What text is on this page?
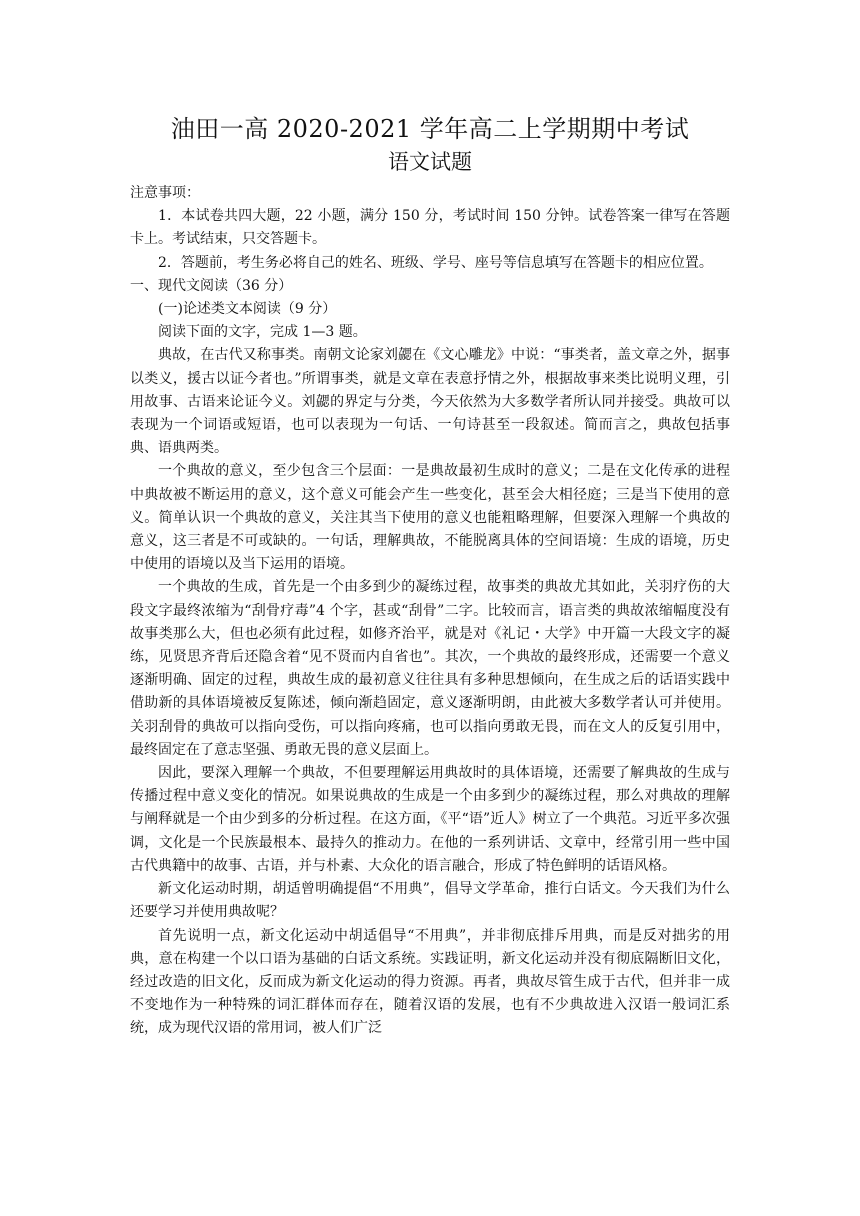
油田一高 2020-2021 学年高二上学期期中考试
语文试题

注意事项：

1．本试卷共四大题，22 小题，满分 150 分，考试时间 150 分钟。试卷答案一律写在答题卡上。考试结束，只交答题卡。

2．答题前，考生务必将自己的姓名、班级、学号、座号等信息填写在答题卡的相应位置。

一、现代文阅读（36 分）

(一)论述类文本阅读（9 分）

阅读下面的文字，完成 1—3 题。

典故，在古代又称事类。南朝文论家刘勰在《文心雕龙》中说：“事类者，盖文章之外，据事以类义，援古以证今者也。”所谓事类，就是文章在表意抒情之外，根据故事来类比说明义理，引用故事、古语来论证今义。刘勰的界定与分类，今天依然为大多数学者所认同并接受。典故可以表现为一个词语或短语，也可以表现为一句话、一句诗甚至一段叙述。简而言之，典故包括事典、语典两类。

一个典故的意义，至少包含三个层面：一是典故最初生成时的意义；二是在文化传承的进程中典故被不断运用的意义，这个意义可能会产生一些变化，甚至会大相径庭；三是当下使用的意义。简单认识一个典故的意义，关注其当下使用的意义也能粗略理解，但要深入理解一个典故的意义，这三者是不可或缺的。一句话，理解典故，不能脱离具体的空间语境：生成的语境，历史中使用的语境以及当下运用的语境。

一个典故的生成，首先是一个由多到少的凝练过程，故事类的典故尤其如此，关羽疗伤的大段文字最终浓缩为“刮骨疗毒”4 个字，甚或“刮骨”二字。比较而言，语言类的典故浓缩幅度没有故事类那么大，但也必须有此过程，如修齐治平，就是对《礼记・大学》中开篇一大段文字的凝练，见贤思齐背后还隐含着“见不贤而内自省也”。其次，一个典故的最终形成，还需要一个意义逐渐明确、固定的过程，典故生成的最初意义往往具有多种思想倾向，在生成之后的话语实践中借助新的具体语境被反复陈述，倾向渐趋固定，意义逐渐明朗，由此被大多数学者认可并使用。关羽刮骨的典故可以指向受伤，可以指向疼痛，也可以指向勇敢无畏，而在文人的反复引用中，最终固定在了意志坚强、勇敢无畏的意义层面上。

因此，要深入理解一个典故，不但要理解运用典故时的具体语境，还需要了解典故的生成与传播过程中意义变化的情况。如果说典故的生成是一个由多到少的凝练过程，那么对典故的理解与阐释就是一个由少到多的分析过程。在这方面，《平“语”近人》树立了一个典范。习近平多次强调，文化是一个民族最根本、最持久的推动力。在他的一系列讲话、文章中，经常引用一些中国古代典籍中的故事、古语，并与朴素、大众化的语言融合，形成了特色鲜明的话语风格。

新文化运动时期，胡适曾明确提倡“不用典”，倡导文学革命，推行白话文。今天我们为什么还要学习并使用典故呢？

首先说明一点，新文化运动中胡适倡导“不用典”，并非彻底排斥用典，而是反对拙劣的用典，意在构建一个以口语为基础的白话文系统。实践证明，新文化运动并没有彻底隔断旧文化，经过改造的旧文化，反而成为新文化运动的得力资源。再者，典故尽管生成于古代，但并非一成不变地作为一种特殊的词汇群体而存在，随着汉语的发展，也有不少典故进入汉语一般词汇系统，成为现代汉语的常用词，被人们广泛
